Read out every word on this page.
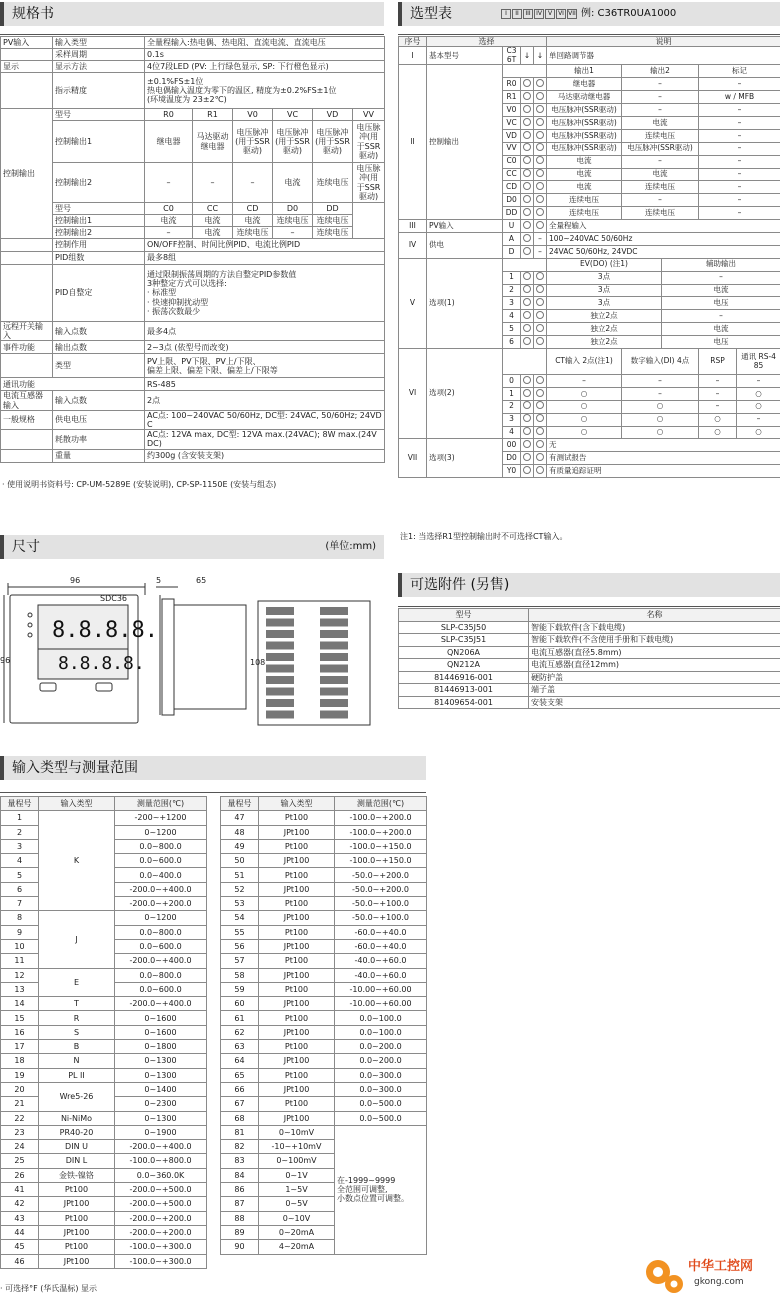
规格书
PV输入	输入类型	全量程输入:热电偶、热电阻、直流电流、直流电压					
	采样周期	0.1s					
显示	显示方法	4位7段LED (PV: 上行绿色显示, SP: 下行橙色显示)					
	指示精度	±0.1%FS±1位
热电偶输入温度为零下的温区, 精度为±0.2%FS±1位
(环境温度为 23±2℃)					
控制输出	型号	R0	R1	V0	VC	VD	VV
	控制输出1	继电器	马达驱动继电器	电压脉冲(用于SSR驱动)	电压脉冲(用于SSR驱动)	电压脉冲(用于SSR驱动)	电压脉冲(用于SSR驱动)
	控制输出2	–	–	–	电流	连续电压	电压脉冲(用于SSR驱动)
	型号	C0	CC	CD	D0	DD	
	控制输出1	电流	电流	电流	连续电压	连续电压	
	控制输出2	–	电流	连续电压	–	连续电压	
	控制作用	ON/OFF控制、时间比例PID、电流比例PID					
	PID组数	最多8组					
	PID自整定	通过限制振荡周期的方法自整定PID参数值
3种整定方式可以选择:
· 标准型
· 快速抑制扰动型
· 振荡次数最少					
远程开关输入	输入点数	最多4点					
事件功能	输出点数	2~3点 (依型号而改变)					
	类型	PV上限、PV下限、PV上/下限、
偏差上限、偏差下限、偏差上/下限等					
通讯功能		RS-485					
电流互感器输入	输入点数	2点					
一般规格	供电电压	AC点: 100~240VAC 50/60Hz, DC型: 24VAC, 50/60Hz; 24VDC					
	耗散功率	AC点: 12VA max, DC型: 12VA max.(24VAC); 8W max.(24VDC)					
	重量	约300g (含安装支架)					
· 使用说明书资料号: CP-UM-5289E (安装说明), CP-SP-1150E (安装与组态)
选型表	I II III IV V VI VII 例: C36TR0UA1000
序号	选择				说明				
I	基本型号	C36T	↓	↓	单回路调节器				
II	控制输出				输出1	输出2		标记	
		R0			继电器	–		–	
		R1			马达驱动继电器	–		w / MFB	
		V0			电压脉冲(SSR驱动)	–		–	
		VC			电压脉冲(SSR驱动)	电流		–	
		VD			电压脉冲(SSR驱动)	连续电压		–	
		VV			电压脉冲(SSR驱动)	电压脉冲(SSR驱动)		–	
		C0			电流	–		–	
		CC			电流	电流		–	
		CD			电流	连续电压		–	
		D0			连续电压	–		–	
		DD			连续电压	连续电压		–	
III	PV输入	U			全量程输入				
IV	供电	A		–	100~240VAC 50/60Hz				
		D		–	24VAC 50/60Hz, 24VDC				
V	选项(1)				EV(DO) (注1)		辅助输出		
		1			3点		–		
		2			3点		电流		
		3			3点		电压		
		4			独立2点		–		
		5			独立2点		电流		
		6			独立2点		电压		
VI	选项(2)				CT输入 2点(注1)	数字输入(DI) 4点		RSP	通讯 RS-485
		0			–	–		–	–
		1			○	–		–	○
		2			○	○		–	○
		3			○	○		○	–
		4			○	○		○	○
VII	选项(3)	00			无				
		D0			有测试报告				
		Y0			有质量追踪证明				
注1: 当选择R1型控制输出时不可选择CT输入。
尺寸	(单位:mm)
96
96
5	65
108
SDC36
8.8.8.8.
8.8.8.8.
可选附件 (另售)
型号	名称
SLP-C35J50	智能下载软件(含下载电缆)
SLP-C35J51	智能下载软件(不含使用手册和下载电缆)
QN206A	电流互感器(直径5.8mm)
QN212A	电流互感器(直径12mm)
81446916-001	硬防护盖
81446913-001	端子盖
81409654-001	安装支架
输入类型与测量范围
量程号	输入类型	测量范围(℃)
1	K	-200~+1200
2		0~1200
3		0.0~800.0
4		0.0~600.0
5		0.0~400.0
6		-200.0~+400.0
7		-200.0~+200.0
8	J	0~1200
9		0.0~800.0
10		0.0~600.0
11		-200.0~+400.0
12	E	0.0~800.0
13		0.0~600.0
14	T	-200.0~+400.0
15	R	0~1600
16	S	0~1600
17	B	0~1800
18	N	0~1300
19	PL II	0~1300
20	Wre5-26	0~1400
21		0~2300
22	Ni-NiMo	0~1300
23	PR40-20	0~1900
24	DIN U	-200.0~+400.0
25	DIN L	-100.0~+800.0
26	金铁-镍铬	0.0~360.0K
41	Pt100	-200.0~+500.0
42	JPt100	-200.0~+500.0
43	Pt100	-200.0~+200.0
44	JPt100	-200.0~+200.0
45	Pt100	-100.0~+300.0
46	JPt100	-100.0~+300.0
量程号	输入类型	测量范围(℃)
47	Pt100	-100.0~+200.0
48	JPt100	-100.0~+200.0
49	Pt100	-100.0~+150.0
50	JPt100	-100.0~+150.0
51	Pt100	-50.0~+200.0
52	JPt100	-50.0~+200.0
53	Pt100	-50.0~+100.0
54	JPt100	-50.0~+100.0
55	Pt100	-60.0~+40.0
56	JPt100	-60.0~+40.0
57	Pt100	-40.0~+60.0
58	JPt100	-40.0~+60.0
59	Pt100	-10.00~+60.00
60	JPt100	-10.00~+60.00
61	Pt100	0.0~100.0
62	JPt100	0.0~100.0
63	Pt100	0.0~200.0
64	JPt100	0.0~200.0
65	Pt100	0.0~300.0
66	JPt100	0.0~300.0
67	Pt100	0.0~500.0
68	JPt100	0.0~500.0
81	0~10mV	在-1999~9999
全范围可调整,
小数点位置可调整。
82	-10~+10mV	
83	0~100mV	
84	0~1V	
86	1~5V	
87	0~5V	
88	0~10V	
89	0~20mA	
90	4~20mA	
· 可选择°F (华氏温标) 显示
中华工控网
gkong.com
